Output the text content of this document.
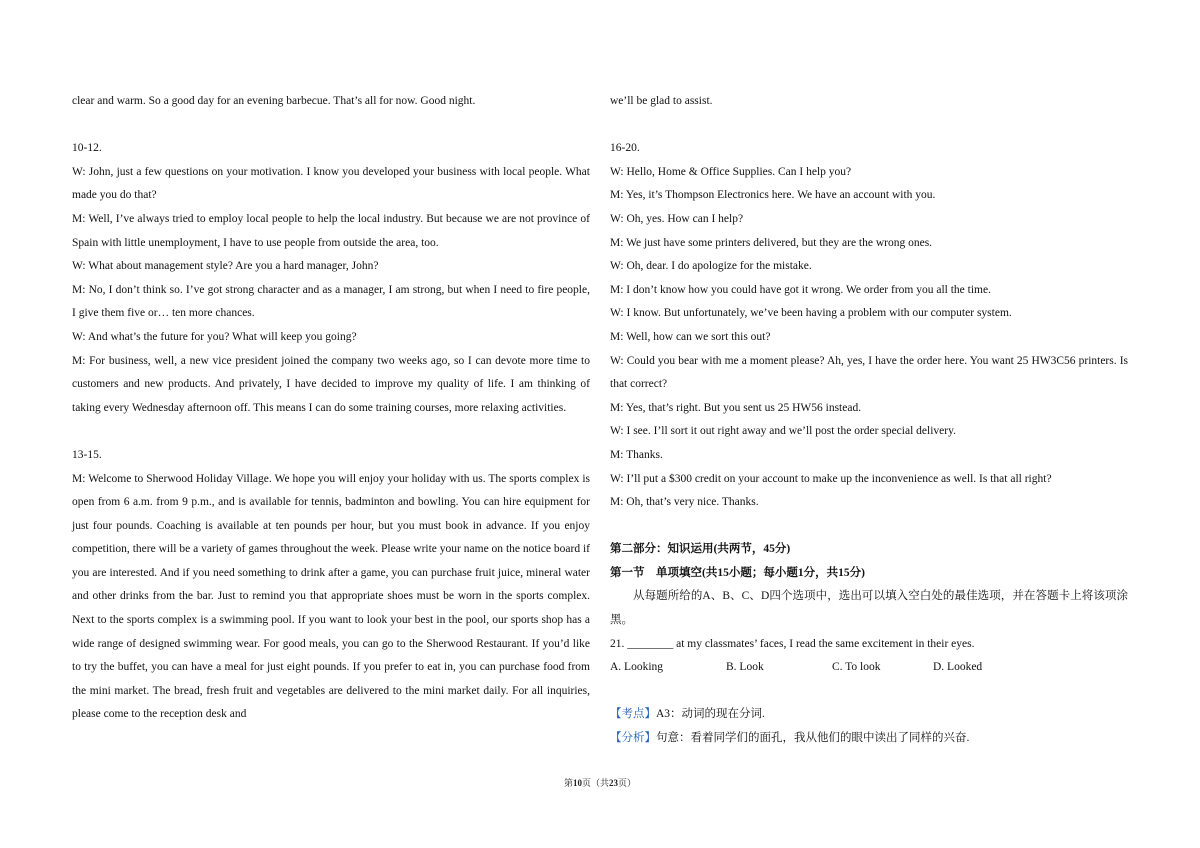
clear and warm. So a good day for an evening barbecue. That’s all for now. Good night.

10-12.

W: John, just a few questions on your motivation. I know you developed your business with local people. What made you do that?

M: Well, I’ve always tried to employ local people to help the local industry. But because we are not province of Spain with little unemployment, I have to use people from outside the area, too.

W: What about management style? Are you a hard manager, John?

M: No, I don’t think so. I’ve got strong character and as a manager, I am strong, but when I need to fire people, I give them five or… ten more chances.

W: And what’s the future for you? What will keep you going?

M: For business, well, a new vice president joined the company two weeks ago, so I can devote more time to customers and new products. And privately, I have decided to improve my quality of life. I am thinking of taking every Wednesday afternoon off. This means I can do some training courses, more relaxing activities.

13-15.

M: Welcome to Sherwood Holiday Village. We hope you will enjoy your holiday with us. The sports complex is open from 6 a.m. from 9 p.m., and is available for tennis, badminton and bowling. You can hire equipment for just four pounds. Coaching is available at ten pounds per hour, but you must book in advance. If you enjoy competition, there will be a variety of games throughout the week. Please write your name on the notice board if you are interested. And if you need something to drink after a game, you can purchase fruit juice, mineral water and other drinks from the bar. Just to remind you that appropriate shoes must be worn in the sports complex. Next to the sports complex is a swimming pool. If you want to look your best in the pool, our sports shop has a wide range of designed swimming wear. For good meals, you can go to the Sherwood Restaurant. If you’d like to try the buffet, you can have a meal for just eight pounds. If you prefer to eat in, you can purchase food from the mini market. The bread, fresh fruit and vegetables are delivered to the mini market daily. For all inquiries, please come to the reception desk and

we’ll be glad to assist.

16-20.

W: Hello, Home & Office Supplies. Can I help you?

M: Yes, it’s Thompson Electronics here. We have an account with you.

W: Oh, yes. How can I help?

M: We just have some printers delivered, but they are the wrong ones.

W: Oh, dear. I do apologize for the mistake.

M: I don’t know how you could have got it wrong. We order from you all the time.

W: I know. But unfortunately, we’ve been having a problem with our computer system.

M: Well, how can we sort this out?

W: Could you bear with me a moment please? Ah, yes, I have the order here. You want 25 HW3C56 printers. Is that correct?

M: Yes, that’s right. But you sent us 25 HW56 instead.

W: I see. I’ll sort it out right away and we’ll post the order special delivery.

M: Thanks.

W: I’ll put a $300 credit on your account to make up the inconvenience as well. Is that all right?

M: Oh, that’s very nice. Thanks.

第二部分：知识运用(共两节，45分)

第一节　单项填空(共15小题；每小题1分，共15分)

从每题所给的A、B、C、D四个选项中，选出可以填入空白处的最佳选项，并在答题卡上将该项涂黑。

21. ________ at my classmates’ faces, I read the same excitement in their eyes.

A. Looking	B. Look	C. To look	D. Looked

【考点】A3：动词的现在分词.

【分析】句意：看着同学们的面孔，我从他们的眼中读出了同样的兴奋.

第10页（共23页）
